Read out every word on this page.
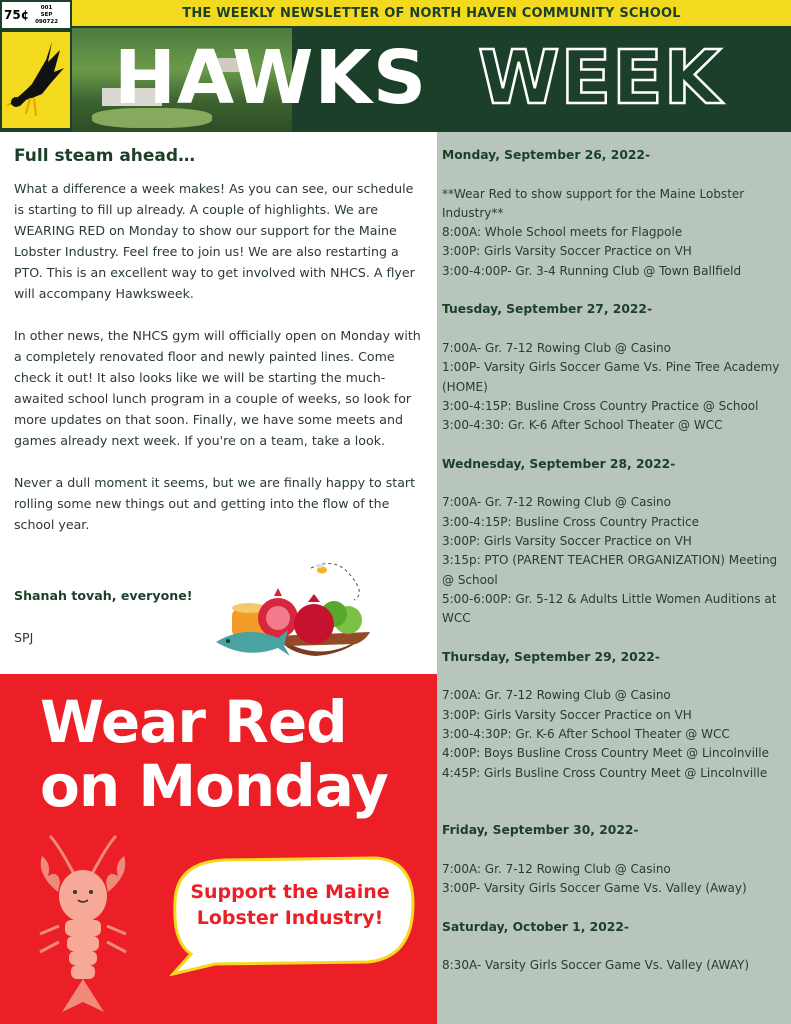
75¢
001
SEP
090722
THE WEEKLY NEWSLETTER OF NORTH HAVEN COMMUNITY SCHOOL
HAWKS WEEK
Full steam ahead…

What a difference a week makes! As you can see, our schedule is starting to fill up already. A couple of highlights. We are WEARING RED on Monday to show our support for the Maine Lobster Industry. Feel free to join us! We are also restarting a PTO. This is an excellent way to get involved with NHCS. A flyer will accompany Hawksweek.

In other news, the NHCS gym will officially open on Monday with a completely renovated floor and newly painted lines. Come check it out! It also looks like we will be starting the much-awaited school lunch program in a couple of weeks, so look for more updates on that soon. Finally, we have some meets and games already next week. If you're on a team, take a look.

Never a dull moment it seems, but we are finally happy to start rolling some new things out and getting into the flow of the school year.

Shanah tovah, everyone!
SPJ
Wear Red
on Monday
Support the Maine
Lobster Industry!

Monday, September 26, 2022-

**Wear Red to show support for the Maine Lobster Industry**

8:00A: Whole School meets for Flagpole

3:00P: Girls Varsity Soccer Practice on VH

3:00-4:00P- Gr. 3-4 Running Club @ Town Ballfield

Tuesday, September 27, 2022-

7:00A- Gr. 7-12 Rowing Club @ Casino

1:00P- Varsity Girls Soccer Game Vs. Pine Tree Academy (HOME)

3:00-4:15P: Busline Cross Country Practice @ School

3:00-4:30: Gr. K-6 After School Theater @ WCC

Wednesday, September 28, 2022-

7:00A- Gr. 7-12 Rowing Club @ Casino

3:00-4:15P: Busline Cross Country Practice

3:00P: Girls Varsity Soccer Practice on VH

3:15p: PTO (PARENT TEACHER ORGANIZATION) Meeting @ School

5:00-6:00P: Gr. 5-12 & Adults Little Women Auditions at WCC

Thursday, September 29, 2022-

7:00A: Gr. 7-12 Rowing Club @ Casino

3:00P: Girls Varsity Soccer Practice on VH

3:00-4:30P: Gr. K-6 After School Theater @ WCC

4:00P: Boys Busline Cross Country Meet @ Lincolnville

4:45P: Girls Busline Cross Country Meet @ Lincolnville

Friday, September 30, 2022-

7:00A: Gr. 7-12 Rowing Club @ Casino

3:00P- Varsity Girls Soccer Game Vs. Valley (Away)

Saturday, October 1, 2022-

8:30A- Varsity Girls Soccer Game Vs. Valley (AWAY)
